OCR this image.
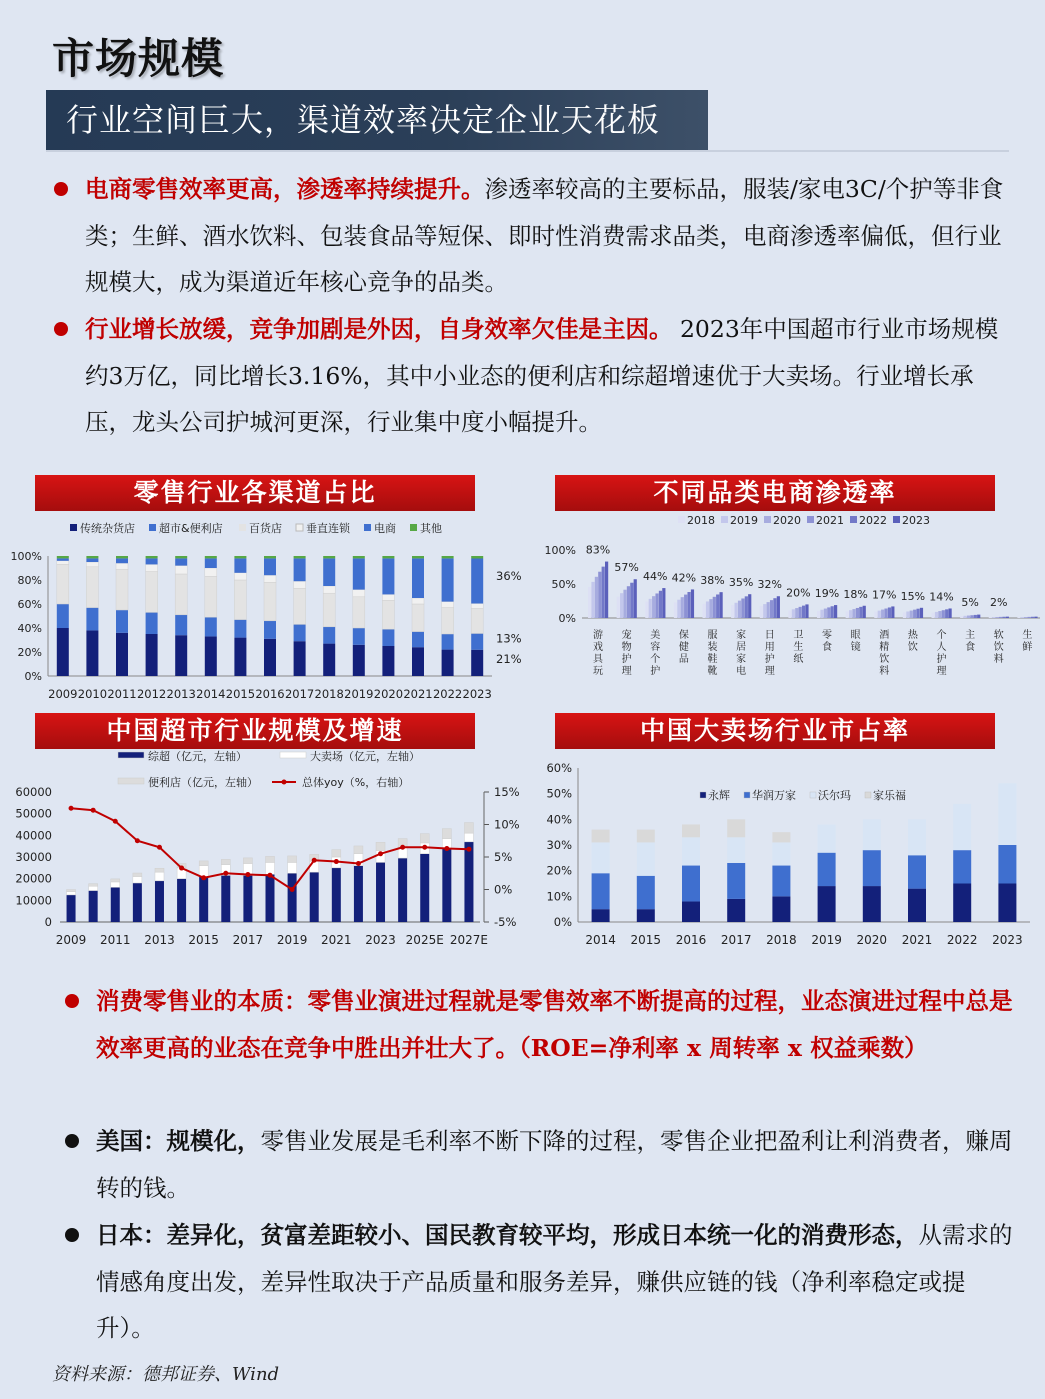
市场规模
行业空间巨大，渠道效率决定企业天花板
电商零售效率更高，渗透率持续提升。渗透率较高的主要标品，服装/家电3C/个护等非食类；生鲜、酒水饮料、包装食品等短保、即时性消费需求品类，电商渗透率偏低，但行业规模大，成为渠道近年核心竞争的品类。
行业增长放缓，竞争加剧是外因，自身效率欠佳是主因。 2023年中国超市行业市场规模约3万亿，同比增长3.16%，其中小业态的便利店和综超增速优于大卖场。行业增长承压，龙头公司护城河更深，行业集中度小幅提升。
零售行业各渠道占比	不同品类电商渗透率
中国超市行业规模及增速	中国大卖场行业市占率
传统杂货店 超市&便利店 百货店 垂直连锁 电商 其他
100%
80%
60%
40%
20%
0%
2009 2010 2011 2012 2013 2014 2015 2016 2017 2018 2019 2020 2021 2022 2023
36%
13%
21%
2018 2019 2020 2021 2022 2023
100%
50%
0%
83%
游
戏
具
玩
57%
宠
物
护
理
44%
美
容
个
护
42%
保
健
品
38%
服
装
鞋
靴
35%
家
居
家
电
32%
日
用
护
理
20%
卫
生
纸
19%
零
食
18%
眼
镜
17%
酒
精
饮
料
15%
热
饮
14%
个
人
护
理
5%
主
食
2%
软
饮
料
生
鲜
综超（亿元，左轴）	大卖场（亿元，左轴）
便利店（亿元，左轴）	总体yoy（%，右轴）
60000
50000
40000
30000
20000
10000
0
15%
10%
5%
0%
-5%
2009 2011 2013 2015 2017 2019 2021 2023 2025E 2027E
永辉 华润万家 沃尔玛 家乐福
60%
50%
40%
30%
20%
10%
0%
2014 2015 2016 2017 2018 2019 2020 2021 2022 2023
消费零售业的本质：零售业演进过程就是零售效率不断提高的过程，业态演进过程中总是效率更高的业态在竞争中胜出并壮大了。（ROE=净利率 x 周转率 x 权益乘数）
美国：规模化，零售业发展是毛利率不断下降的过程，零售企业把盈利让利消费者，赚周转的钱。
日本：差异化，贫富差距较小、国民教育较平均，形成日本统一化的消费形态，从需求的情感角度出发，差异性取决于产品质量和服务差异，赚供应链的钱（净利率稳定或提升）。
资料来源：德邦证券、Wind
